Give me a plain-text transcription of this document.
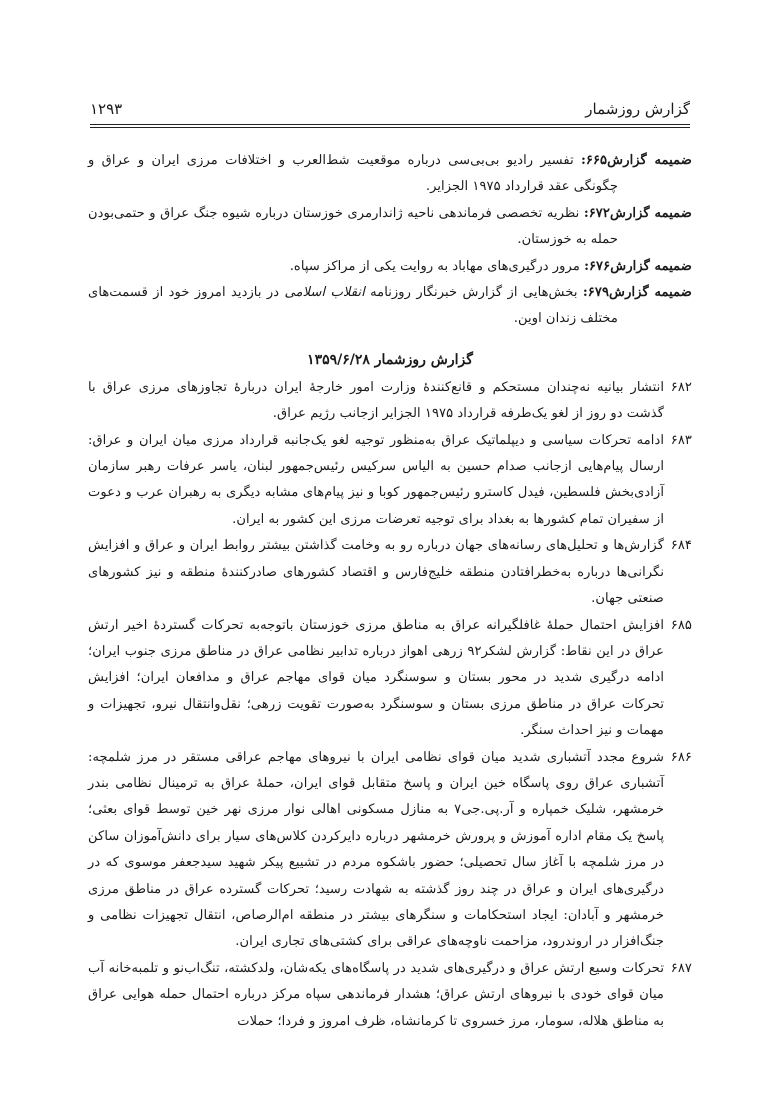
گزارش روزشمار
۱۲۹۳

ضمیمه گزارش۶۶۵: تفسیر رادیو بی‌بی‌سی درباره موقعیت شط‌العرب و اختلافات مرزی ایران و عراق و چگونگی عقد قرارداد ۱۹۷۵ الجزایر.

ضمیمه گزارش۶۷۲: نظریه تخصصی فرماندهی ناحیه ژاندارمری خوزستان درباره شیوه جنگ عراق و حتمی‌بودن حمله به خوزستان.

ضمیمه گزارش۶۷۶: مرور درگیری‌های مهاباد به روایت یکی از مراکز سپاه.

ضمیمه گزارش۶۷۹: بخش‌هایی از گزارش خبرنگار روزنامه انقلاب اسلامی در بازدید امروز خود از قسمت‌های مختلف زندان اوین.

گزارش روزشمار ۱۳۵۹/۶/۲۸
۶۸۲
انتشار بیانیه نه‌چندان مستحکم و قانع‌کنندهٔ وزارت امور خارجهٔ ایران دربارهٔ تجاوزهای مرزی عراق با گذشت دو روز از لغو یک‌طرفه قرارداد ۱۹۷۵ الجزایر ازجانب رژیم عراق.
۶۸۳
ادامه تحرکات سیاسی و دیپلماتیک عراق به‌منظور توجیه لغو یک‌جانبه قرارداد مرزی میان ایران و عراق: ارسال پیام‌هایی ازجانب صدام حسین به الیاس سرکیس رئیس‌جمهور لبنان، یاسر عرفات رهبر سازمان آزادی‌بخش فلسطین، فیدل کاسترو رئیس‌جمهور کوبا و نیز پیام‌های مشابه دیگری به رهبران عرب و دعوت از سفیران تمام کشورها به بغداد برای توجیه تعرضات مرزی این کشور به ایران.
۶۸۴
گزارش‌ها و تحلیل‌های رسانه‌های جهان درباره رو به وخامت گذاشتن بیشتر روابط ایران و عراق و افزایش نگرانی‌ها درباره به‌خطرافتادن منطقه خلیج‌فارس و اقتصاد کشورهای صادرکنندهٔ منطقه و نیز کشورهای صنعتی جهان.
۶۸۵
افزایش احتمال حملهٔ غافلگیرانه عراق به مناطق مرزی خوزستان باتوجه‌به تحرکات گستردهٔ اخیر ارتش عراق در این نقاط: گزارش لشکر۹۲ زرهی اهواز درباره تدابیر نظامی عراق در مناطق مرزی جنوب ایران؛ ادامه درگیری شدید در محور بستان و سوسنگرد میان قوای مهاجم عراق و مدافعان ایران؛ افزایش تحرکات عراق در مناطق مرزی بستان و سوسنگرد به‌صورت تقویت زرهی؛ نقل‌وانتقال نیرو، تجهیزات و مهمات و نیز احداث سنگر.
۶۸۶
شروع مجدد آتشباری شدید میان قوای نظامی ایران با نیروهای مهاجم عراقی مستقر در مرز شلمچه: آتشباری عراق روی پاسگاه خین ایران و پاسخ متقابل قوای ایران، حملهٔ عراق به ترمینال نظامی بندر خرمشهر، شلیک خمپاره و آر.پی.جی۷ به منازل مسکونی اهالی نوار مرزی نهر خین توسط قوای بعثی؛ پاسخ یک مقام اداره آموزش و پرورش خرمشهر درباره دایرکردن کلاس‌های سیار برای دانش‌آموزان ساکن در مرز شلمچه با آغاز سال تحصیلی؛ حضور باشکوه مردم در تشییع پیکر شهید سیدجعفر موسوی که در درگیری‌های ایران و عراق در چند روز گذشته به شهادت رسید؛ تحرکات گسترده عراق در مناطق مرزی خرمشهر و آبادان: ایجاد استحکامات و سنگرهای بیشتر در منطقه ام‌الرصاص، انتقال تجهیزات نظامی و جنگ‌افزار در اروندرود، مزاحمت ناوچه‌های عراقی برای کشتی‌های تجاری ایران.
۶۸۷
تحرکات وسیع ارتش عراق و درگیری‌های شدید در پاسگاه‌های یکه‌شان، ولدکشته، تنگ‌اب‌نو و تلمبه‌خانه آب میان قوای خودی با نیروهای ارتش عراق؛ هشدار فرماندهی سپاه مرکز درباره احتمال حمله هوایی عراق به مناطق هلاله، سومار، مرز خسروی تا کرمانشاه، ظرف امروز و فردا؛ حملات
